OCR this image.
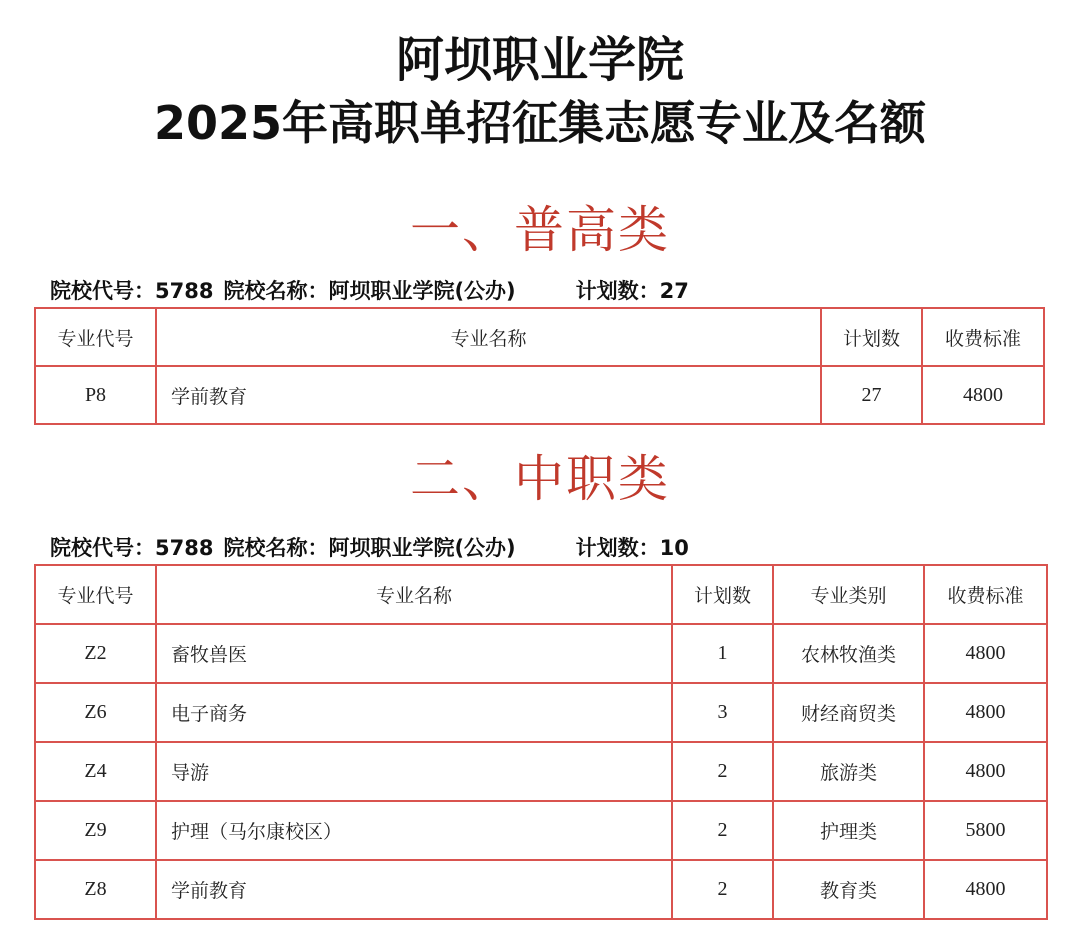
阿坝职业学院
2025年高职单招征集志愿专业及名额
一、普高类
院校代号：5788 院校名称：阿坝职业学院(公办)	计划数：27
专业代号	专业名称	计划数	收费标准
P8	学前教育	27	4800
二、中职类
院校代号：5788 院校名称：阿坝职业学院(公办)	计划数：10
专业代号	专业名称	计划数	专业类别	收费标准
Z2	畜牧兽医	1	农林牧渔类	4800
Z6	电子商务	3	财经商贸类	4800
Z4	导游	2	旅游类	4800
Z9	护理（马尔康校区）	2	护理类	5800
Z8	学前教育	2	教育类	4800
